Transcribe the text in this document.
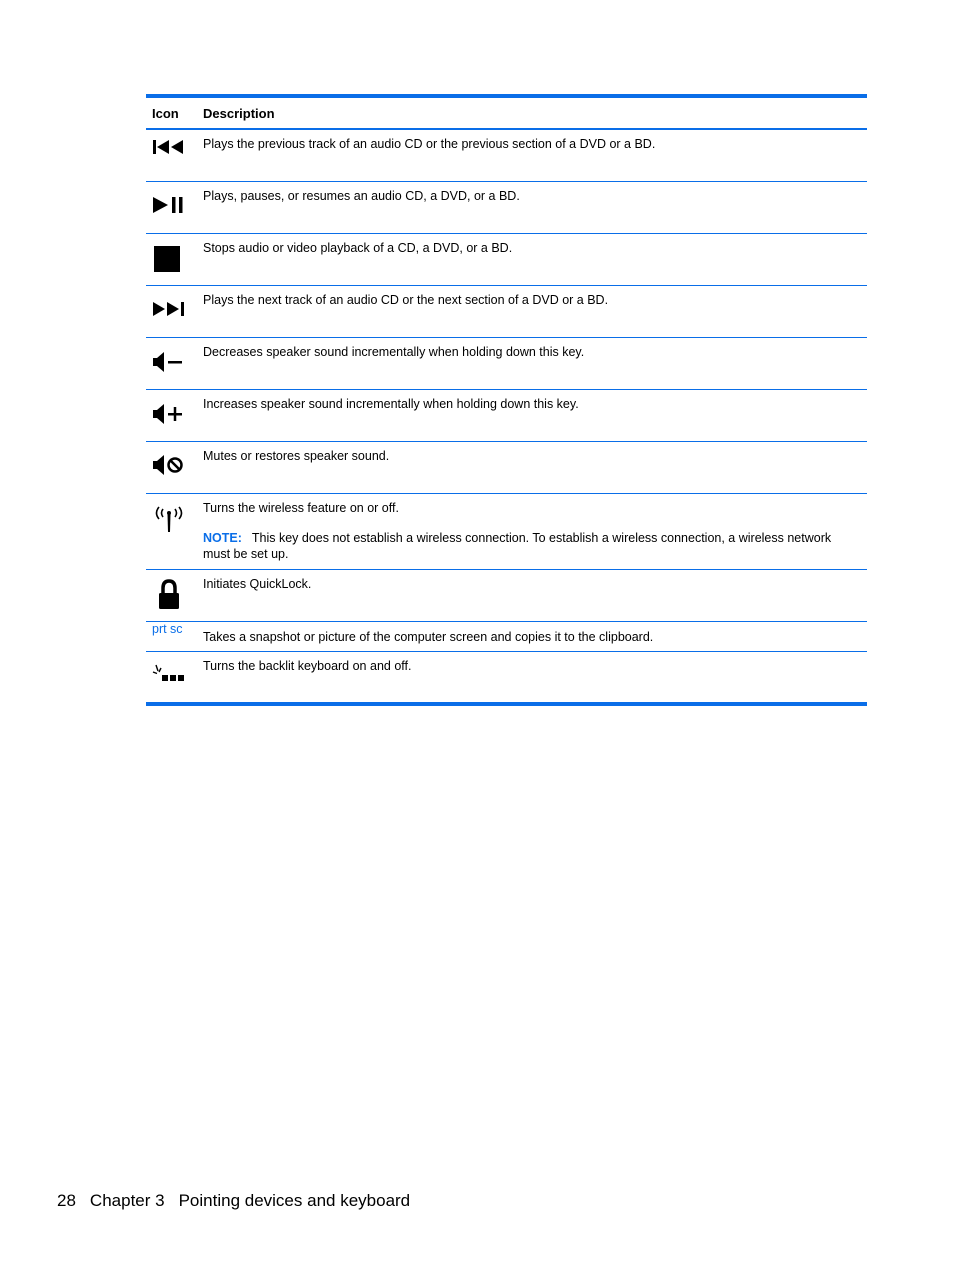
Icon	Description
Plays the previous track of an audio CD or the previous section of a DVD or a BD.
Plays, pauses, or resumes an audio CD, a DVD, or a BD.
Stops audio or video playback of a CD, a DVD, or a BD.
Plays the next track of an audio CD or the next section of a DVD or a BD.
Decreases speaker sound incrementally when holding down this key.
Increases speaker sound incrementally when holding down this key.
Mutes or restores speaker sound.

Turns the wireless feature on or off.

NOTE: This key does not establish a wireless connection. To establish a wireless connection, a wireless network must be set up.

Initiates QuickLock.
prt sc
Takes a snapshot or picture of the computer screen and copies it to the clipboard.
Turns the backlit keyboard on and off.
28 Chapter 3 Pointing devices and keyboard
